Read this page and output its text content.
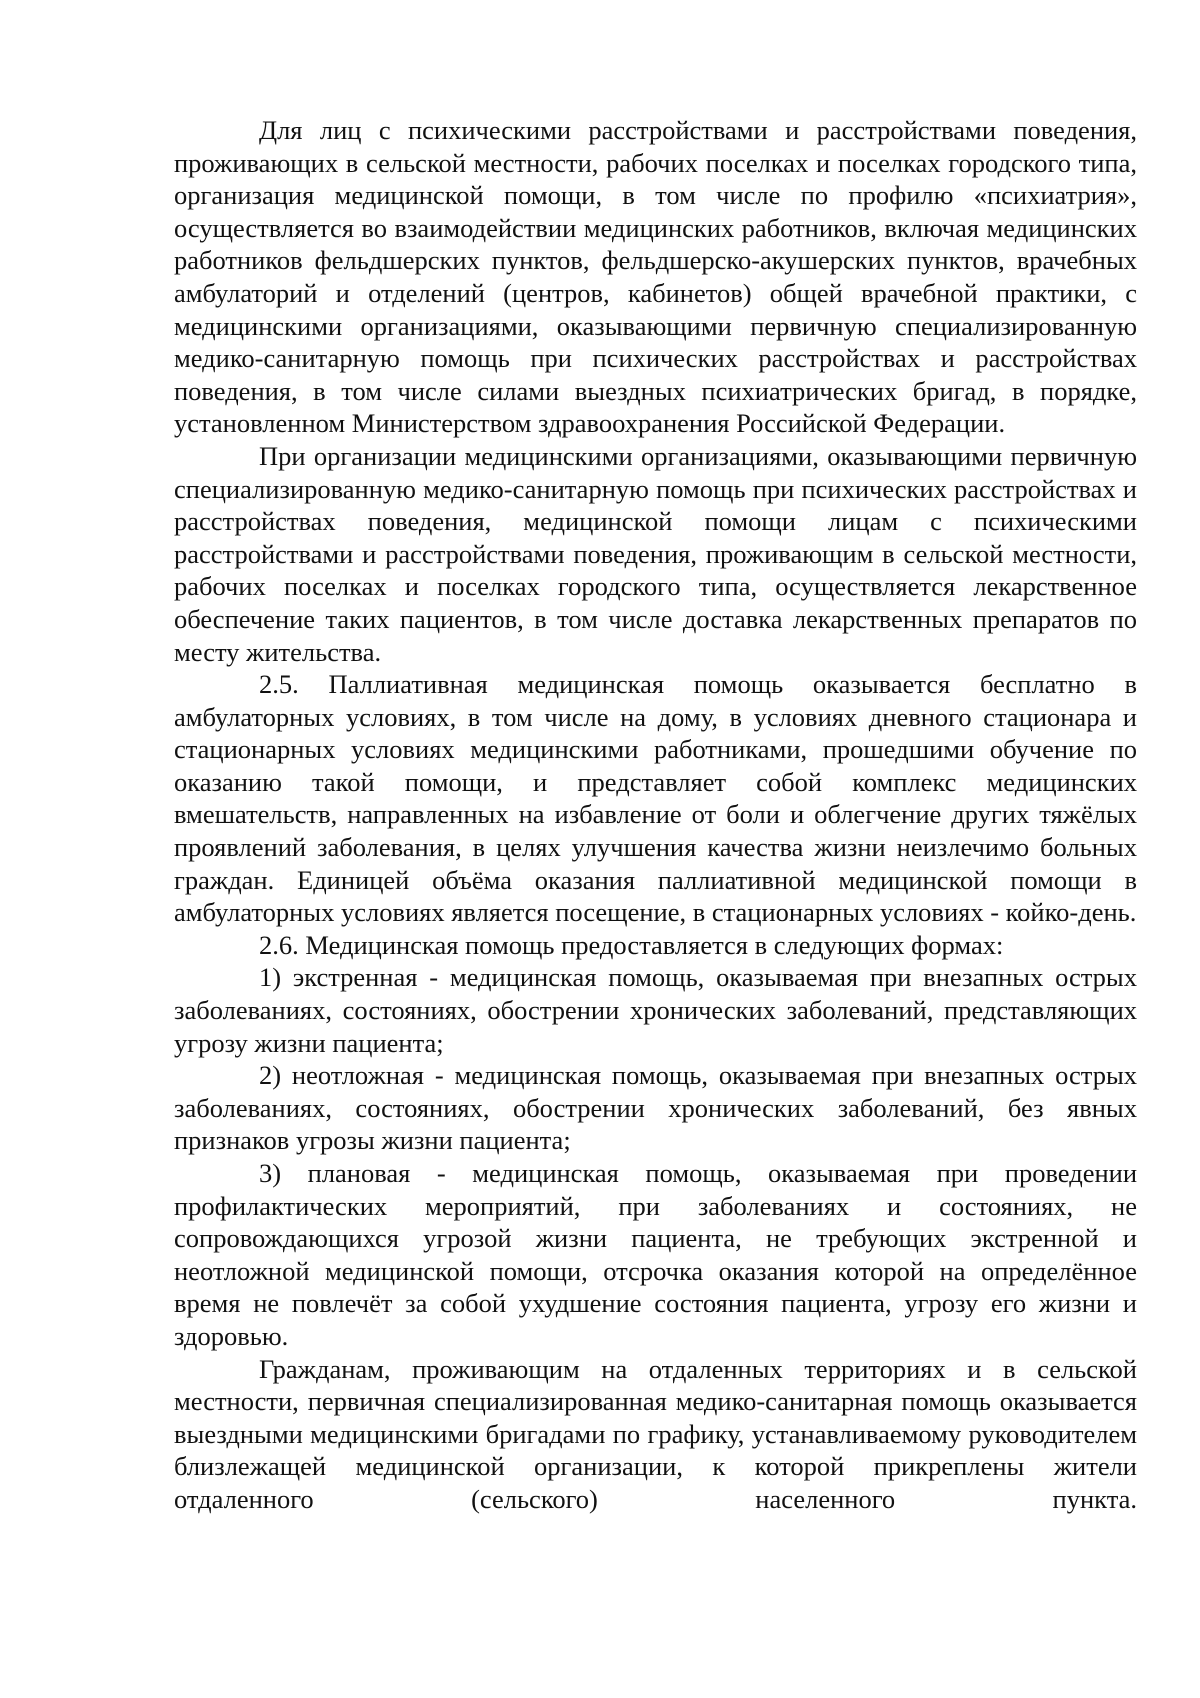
Для лиц с психическими расстройствами и расстройствами поведения, проживающих в сельской местности, рабочих поселках и поселках городского типа, организация медицинской помощи, в том числе по профилю «психиатрия», осуществляется во взаимодействии медицинских работников, включая медицинских работников фельдшерских пунктов, фельдшерско-акушерских пунктов, врачебных амбулаторий и отделений (центров, кабинетов) общей врачебной практики, с медицинскими организациями, оказывающими первичную специализированную медико-санитарную помощь при психических расстройствах и расстройствах поведения, в том числе силами выездных психиатрических бригад, в порядке, установленном Министерством здравоохранения Российской Федерации.

При организации медицинскими организациями, оказывающими первичную специализированную медико-санитарную помощь при психических расстройствах и расстройствах поведения, медицинской помощи лицам с психическими расстройствами и расстройствами поведения, проживающим в сельской местности, рабочих поселках и поселках городского типа, осуществляется лекарственное обеспечение таких пациентов, в том числе доставка лекарственных препаратов по месту жительства.

2.5. Паллиативная медицинская помощь оказывается бесплатно в амбулаторных условиях, в том числе на дому, в условиях дневного стационара и стационарных условиях медицинскими работниками, прошедшими обучение по оказанию такой помощи, и представляет собой комплекс медицинских вмешательств, направленных на избавление от боли и облегчение других тяжёлых проявлений заболевания, в целях улучшения качества жизни неизлечимо больных граждан. Единицей объёма оказания паллиативной медицинской помощи в амбулаторных условиях является посещение, в стационарных условиях - койко-день.

2.6. Медицинская помощь предоставляется в следующих формах:

1) экстренная - медицинская помощь, оказываемая при внезапных острых заболеваниях, состояниях, обострении хронических заболеваний, представляющих угрозу жизни пациента;

2) неотложная - медицинская помощь, оказываемая при внезапных острых заболеваниях, состояниях, обострении хронических заболеваний, без явных признаков угрозы жизни пациента;

3) плановая - медицинская помощь, оказываемая при проведении профилактических мероприятий, при заболеваниях и состояниях, не сопровождающихся угрозой жизни пациента, не требующих экстренной и неотложной медицинской помощи, отсрочка оказания которой на определённое время не повлечёт за собой ухудшение состояния пациента, угрозу его жизни и здоровью.

Гражданам, проживающим на отдаленных территориях и в сельской местности, первичная специализированная медико-санитарная помощь оказывается выездными медицинскими бригадами по графику, устанавливаемому руководителем близлежащей медицинской организации, к которой прикреплены жители отдаленного (сельского) населенного пункта.
